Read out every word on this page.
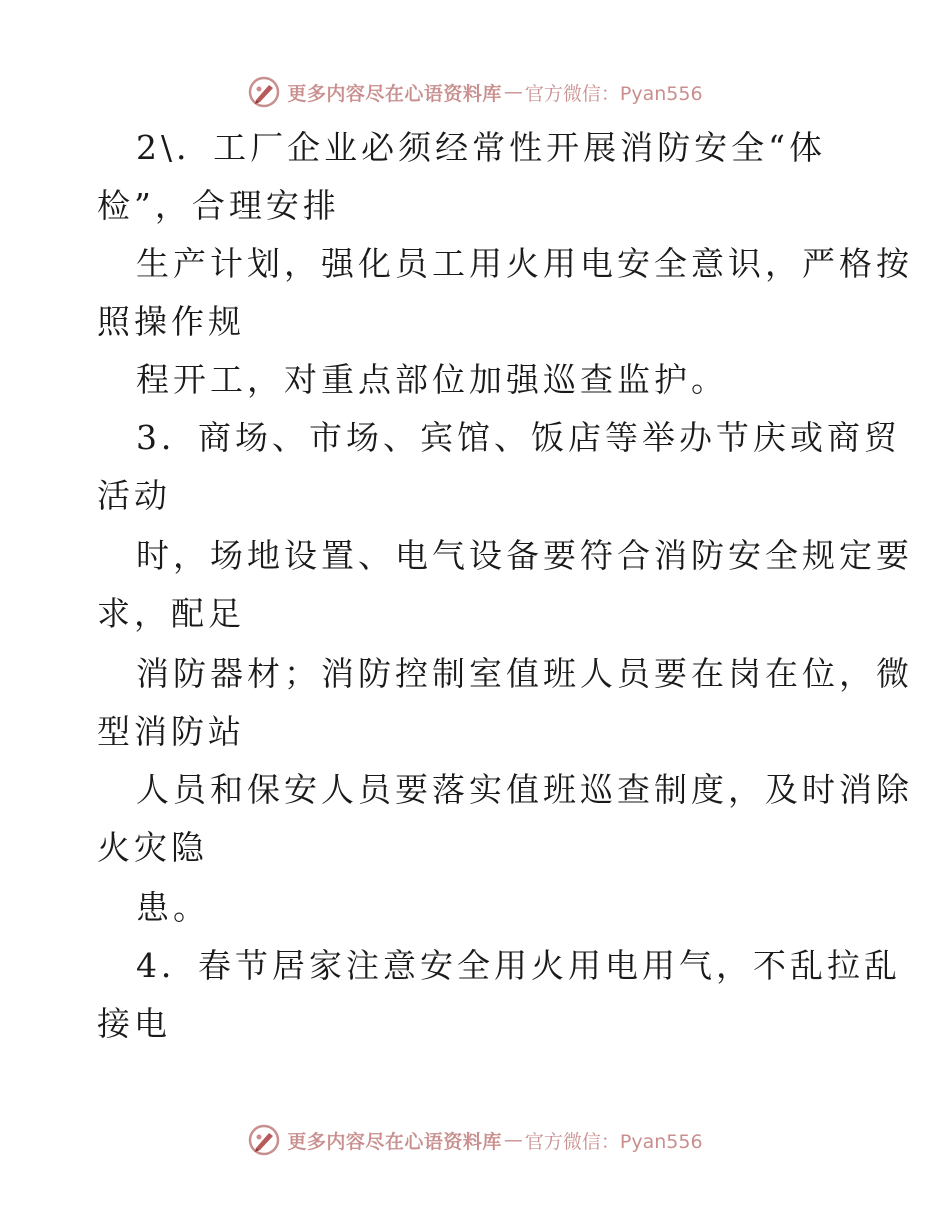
更多内容尽在心语资料库 — 官方微信：Pyan556
2\．工厂企业必须经常性开展消防安全“体
检”，合理安排
生产计划，强化员工用火用电安全意识，严格按
照操作规
程开工，对重点部位加强巡查监护。
3．商场、市场、宾馆、饭店等举办节庆或商贸
活动
时，场地设置、电气设备要符合消防安全规定要
求，配足
消防器材；消防控制室值班人员要在岗在位，微
型消防站
人员和保安人员要落实值班巡查制度，及时消除
火灾隐
患。
4．春节居家注意安全用火用电用气，不乱拉乱
接电
更多内容尽在心语资料库 — 官方微信：Pyan556
